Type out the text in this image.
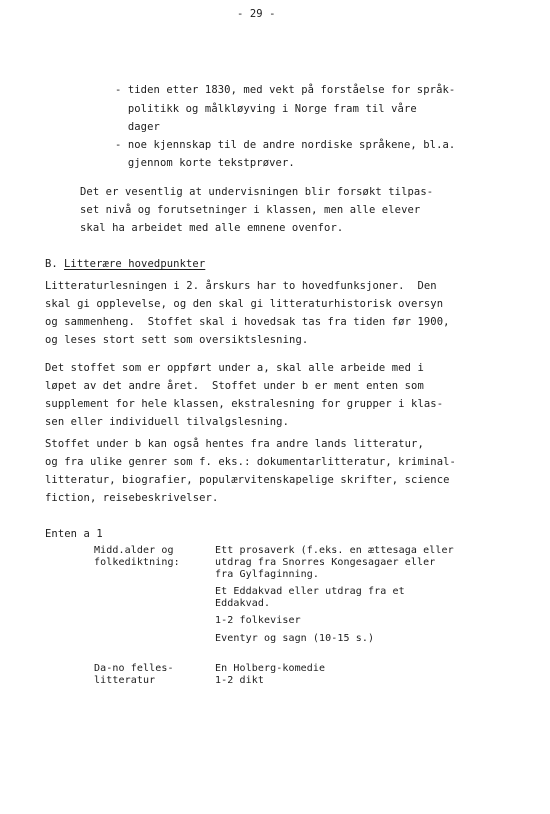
- 29 -
- tiden etter 1830, med vekt på forståelse for språk-
politikk og målkløyving i Norge fram til våre
dager
- noe kjennskap til de andre nordiske språkene, bl.a.
gjennom korte tekstprøver.
Det er vesentlig at undervisningen blir forsøkt tilpas-
set nivå og forutsetninger i klassen, men alle elever
skal ha arbeidet med alle emnene ovenfor.
B. Litterære hovedpunkter
Litteraturlesningen i 2. årskurs har to hovedfunksjoner.  Den
skal gi opplevelse, og den skal gi litteraturhistorisk oversyn
og sammenheng.  Stoffet skal i hovedsak tas fra tiden før 1900,
og leses stort sett som oversiktslesning.
Det stoffet som er oppført under a, skal alle arbeide med i
løpet av det andre året.  Stoffet under b er ment enten som
supplement for hele klassen, ekstralesning for grupper i klas-
sen eller individuell tilvalgslesning.
Stoffet under b kan også hentes fra andre lands litteratur,
og fra ulike genrer som f. eks.: dokumentarlitteratur, kriminal-
litteratur, biografier, populærvitenskapelige skrifter, science
fiction, reisebeskrivelser.
Enten a 1
Midd.alder og
folkediktning:
Ett prosaverk (f.eks. en ættesaga eller
utdrag fra Snorres Kongesagaer eller
fra Gylfaginning.
Et Eddakvad eller utdrag fra et
Eddakvad.
1-2 folkeviser
Eventyr og sagn (10-15 s.)
Da-no felles-
litteratur
En Holberg-komedie
1-2 dikt
